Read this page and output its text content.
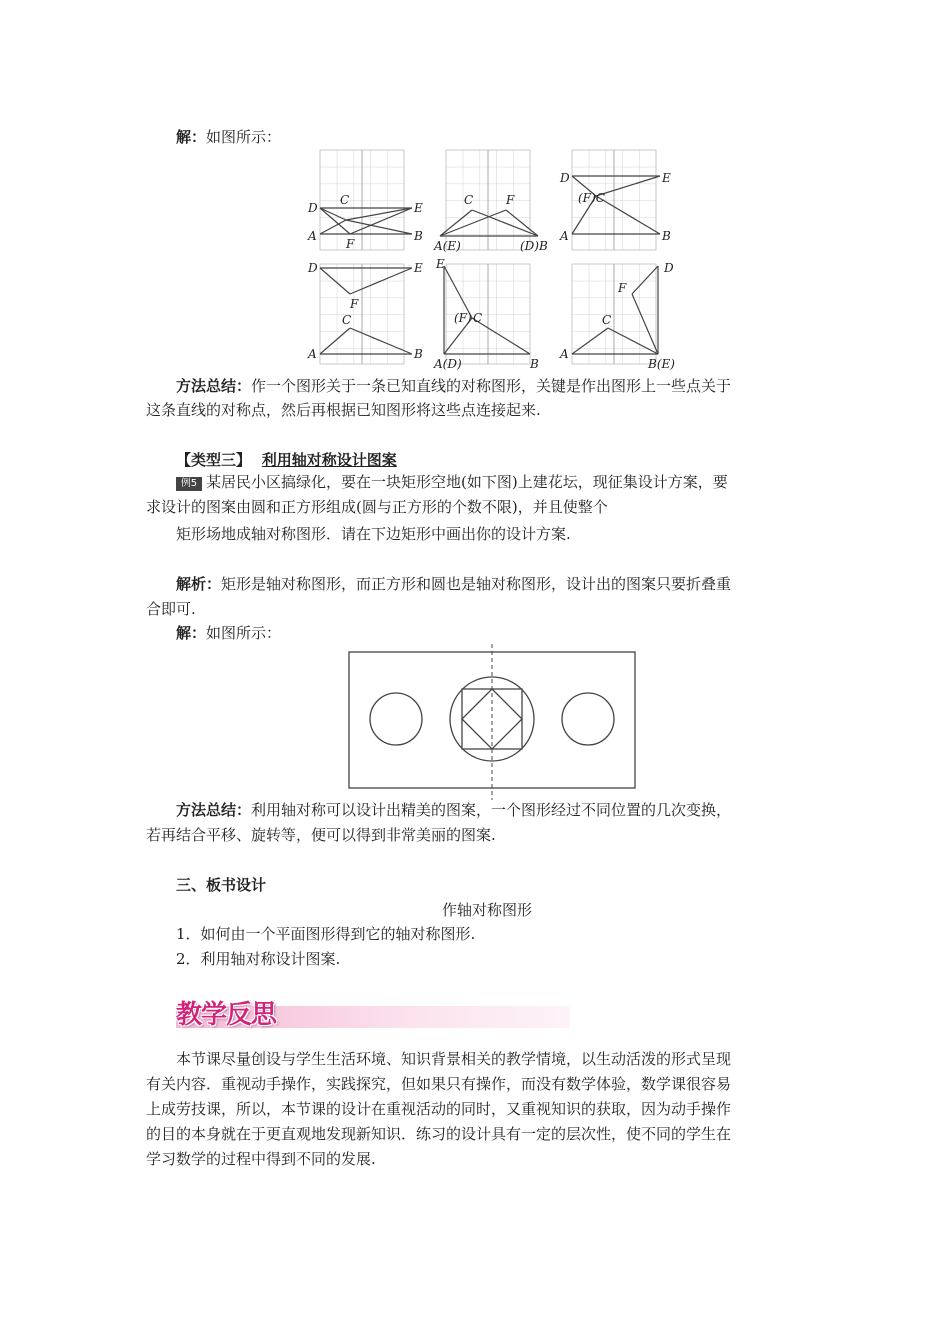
解：如图所示：
D
C
E
A
F
B
C	F
A(E)	(D)B
D	E
(F)C
A	B
D	E
F
C
A	B
E
(F) C
A(D)	B
D
F
C
A
B(E)
方法总结：作一个图形关于一条已知直线的对称图形，关键是作出图形上一些点关于
这条直线的对称点，然后再根据已知图形将这些点连接起来.
【类型三】 利用轴对称设计图案
例5 某居民小区搞绿化，要在一块矩形空地(如下图)上建花坛，现征集设计方案，要
求设计的图案由圆和正方形组成(圆与正方形的个数不限)，并且使整个
矩形场地成轴对称图形．请在下边矩形中画出你的设计方案.
解析：矩形是轴对称图形，而正方形和圆也是轴对称图形，设计出的图案只要折叠重
合即可.
解：如图所示：
方法总结：利用轴对称可以设计出精美的图案，一个图形经过不同位置的几次变换，
若再结合平移、旋转等，便可以得到非常美丽的图案.
三、板书设计
作轴对称图形
1．如何由一个平面图形得到它的轴对称图形.
2．利用轴对称设计图案.
教学反思
本节课尽量创设与学生生活环境、知识背景相关的教学情境，以生动活泼的形式呈现
有关内容．重视动手操作，实践探究，但如果只有操作，而没有数学体验，数学课很容易
上成劳技课，所以，本节课的设计在重视活动的同时，又重视知识的获取，因为动手操作
的目的本身就在于更直观地发现新知识．练习的设计具有一定的层次性，使不同的学生在
学习数学的过程中得到不同的发展.
